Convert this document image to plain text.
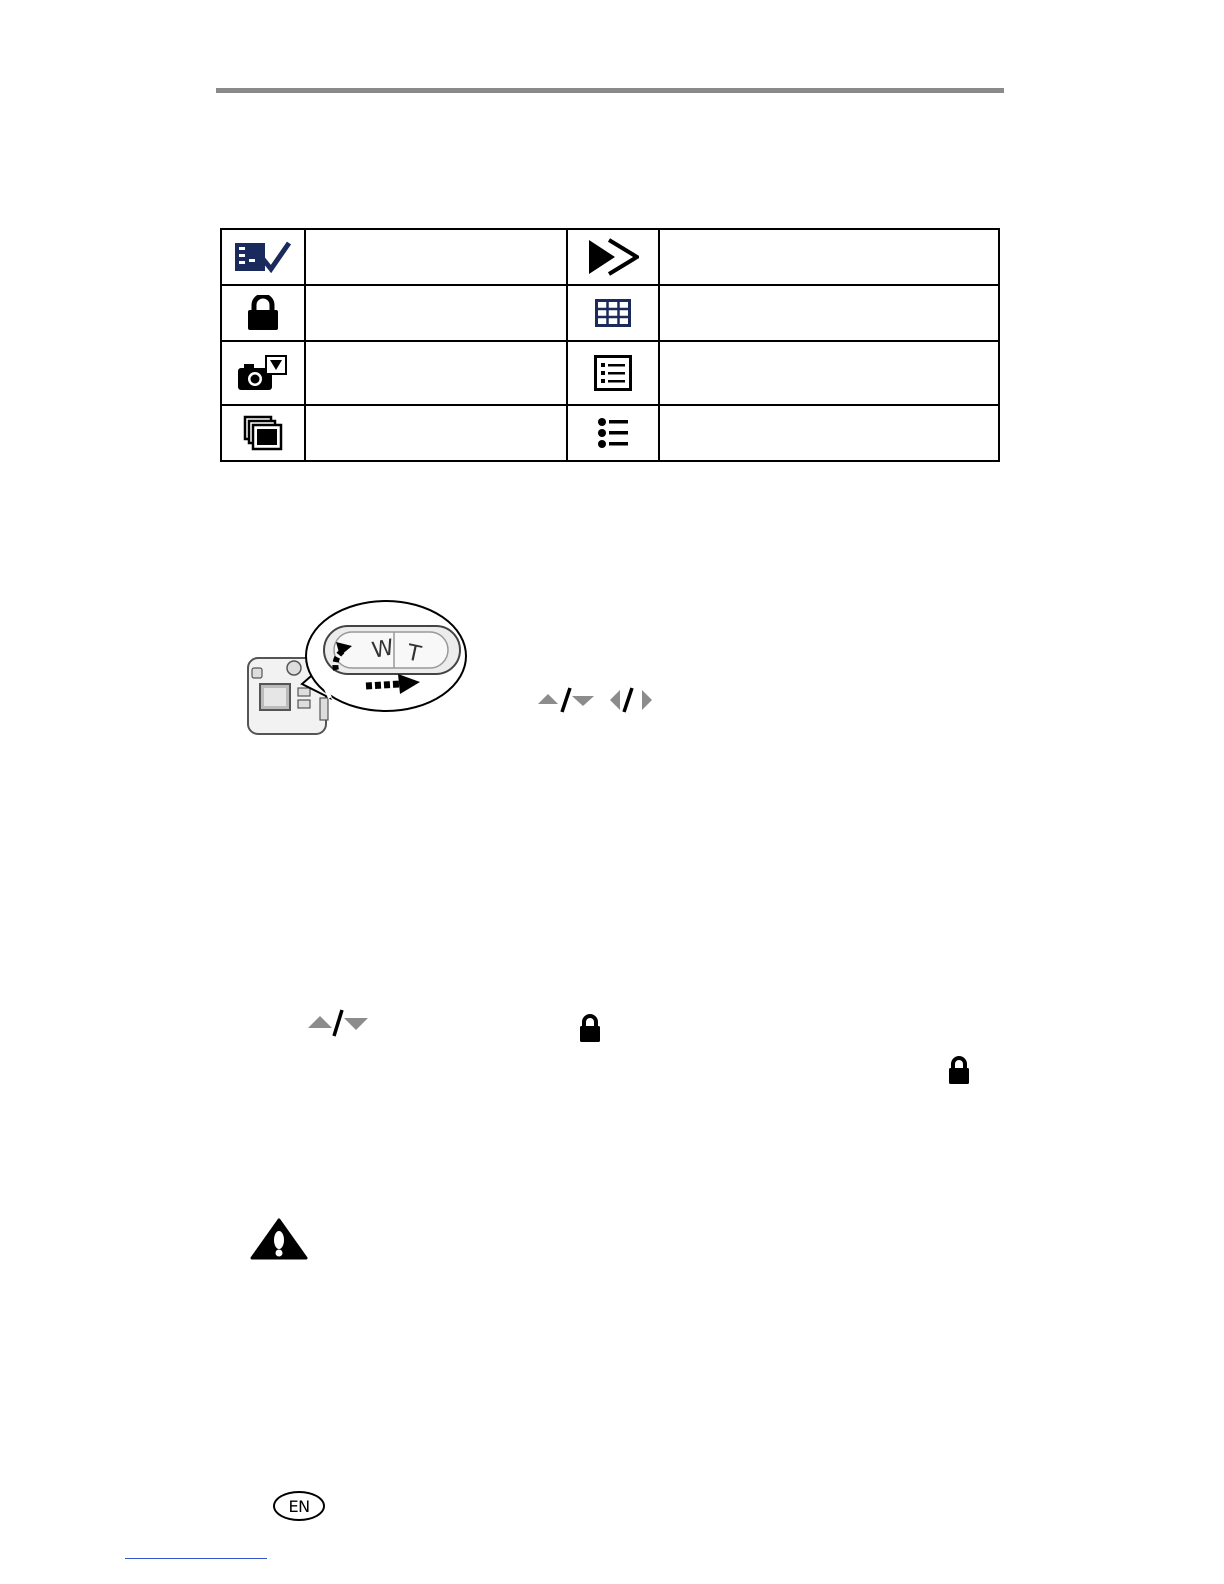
W T
EN
